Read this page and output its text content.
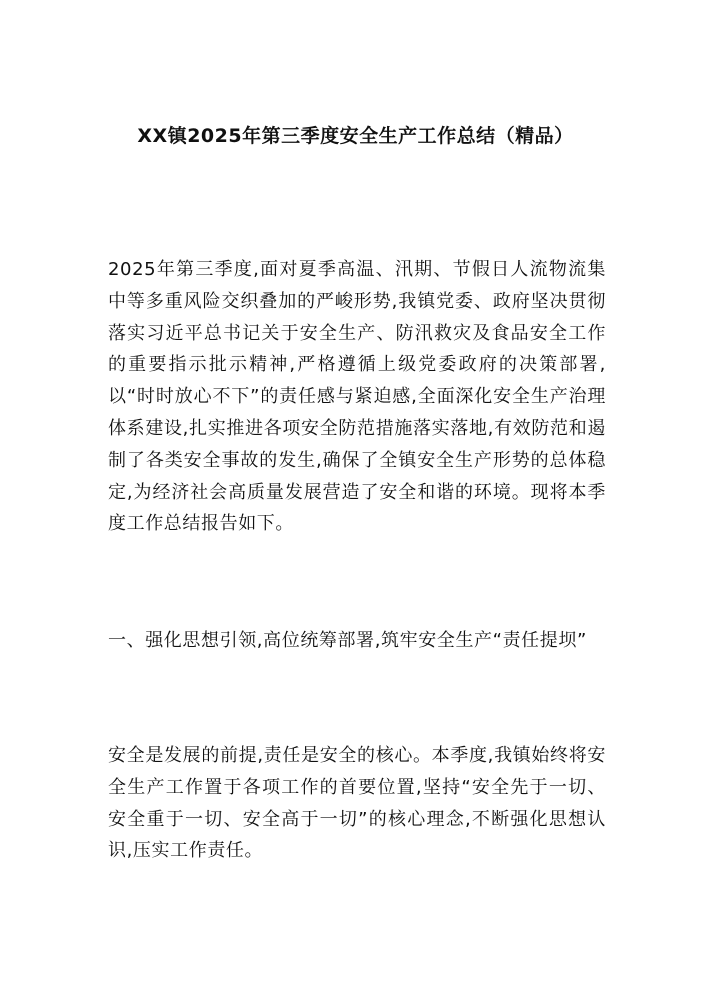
XX镇2025年第三季度安全生产工作总结（精品）

2025年第三季度,面对夏季高温、汛期、节假日人流物流集中等多重风险交织叠加的严峻形势,我镇党委、政府坚决贯彻落实习近平总书记关于安全生产、防汛救灾及食品安全工作的重要指示批示精神,严格遵循上级党委政府的决策部署,以“时时放心不下”的责任感与紧迫感,全面深化安全生产治理体系建设,扎实推进各项安全防范措施落实落地,有效防范和遏制了各类安全事故的发生,确保了全镇安全生产形势的总体稳定,为经济社会高质量发展营造了安全和谐的环境。现将本季度工作总结报告如下。

一、强化思想引领,高位统筹部署,筑牢安全生产“责任提坝”

安全是发展的前提,责任是安全的核心。本季度,我镇始终将安全生产工作置于各项工作的首要位置,坚持“安全先于一切、安全重于一切、安全高于一切”的核心理念,不断强化思想认识,压实工作责任。
